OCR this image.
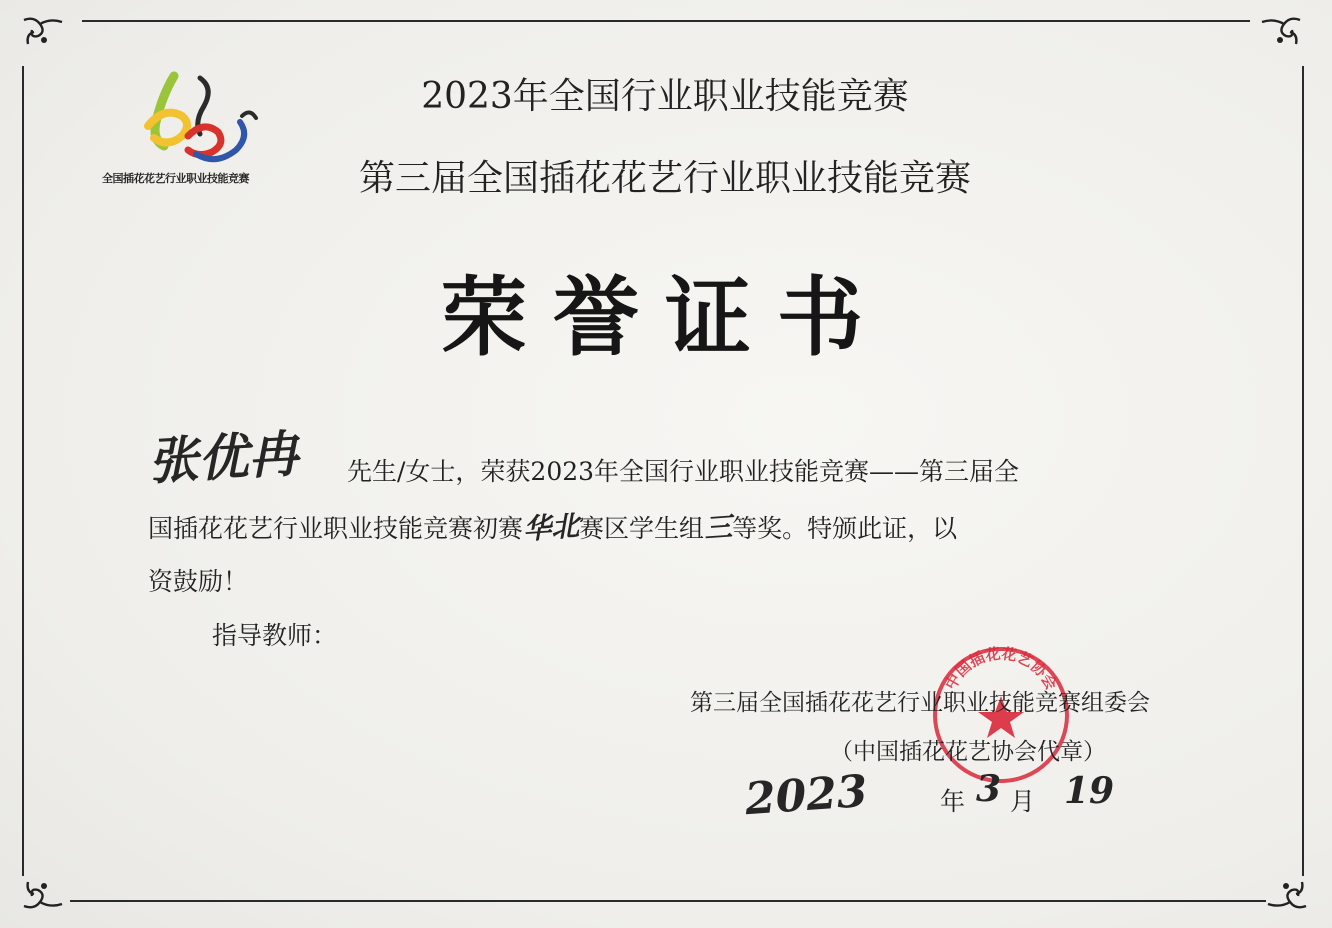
全国插花花艺行业职业技能竞赛
2023年全国行业职业技能竞赛
第三届全国插花花艺行业职业技能竞赛
荣誉证书
张优冉 先生/女士，荣获2023年全国行业职业技能竞赛——第三届全
国插花花艺行业职业技能竞赛初赛华北赛区学生组三等奖。特颁此证，以
资鼓励！
指导教师：
中国插花花艺协会
第三届全国插花花艺行业职业技能竞赛组委会
（中国插花花艺协会代章）
2023	年 3 月 19
